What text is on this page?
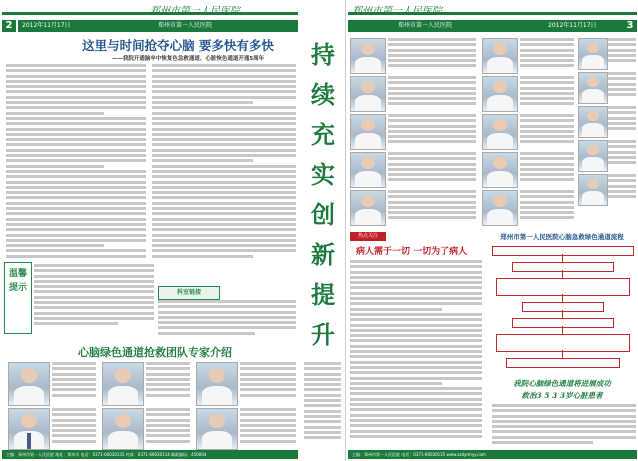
郑州市第一人民医院
2	2012年11月17日	郑州市第一人民医院
这里与时间抢夺心脑 要多快有多快
——我院开通脑卒中恢复色急救通道、心脏恢色通道开通5周年
温馨提示	科室链接
心脑绿色通道抢救团队专家介绍
主编：郑州市第一人民医院 地址：郑州市 电话：0371-66030135 传真：0371-66030114 邮政编码：450004
持
续
充
实
创
新
提
升
郑州市第一人民医院
郑州市第一人民医院	2012年11月17日	3
热点关注
病人需于一切 一切为了病人
郑州市第一人民医院心脑急救绿色通道流程
我院心脑绿色通道将进展成功
救治3 5 3 3岁心脏患者
主编：郑州市第一人民医院 电话：0371-66030135 www.zzdyrmyy.com
